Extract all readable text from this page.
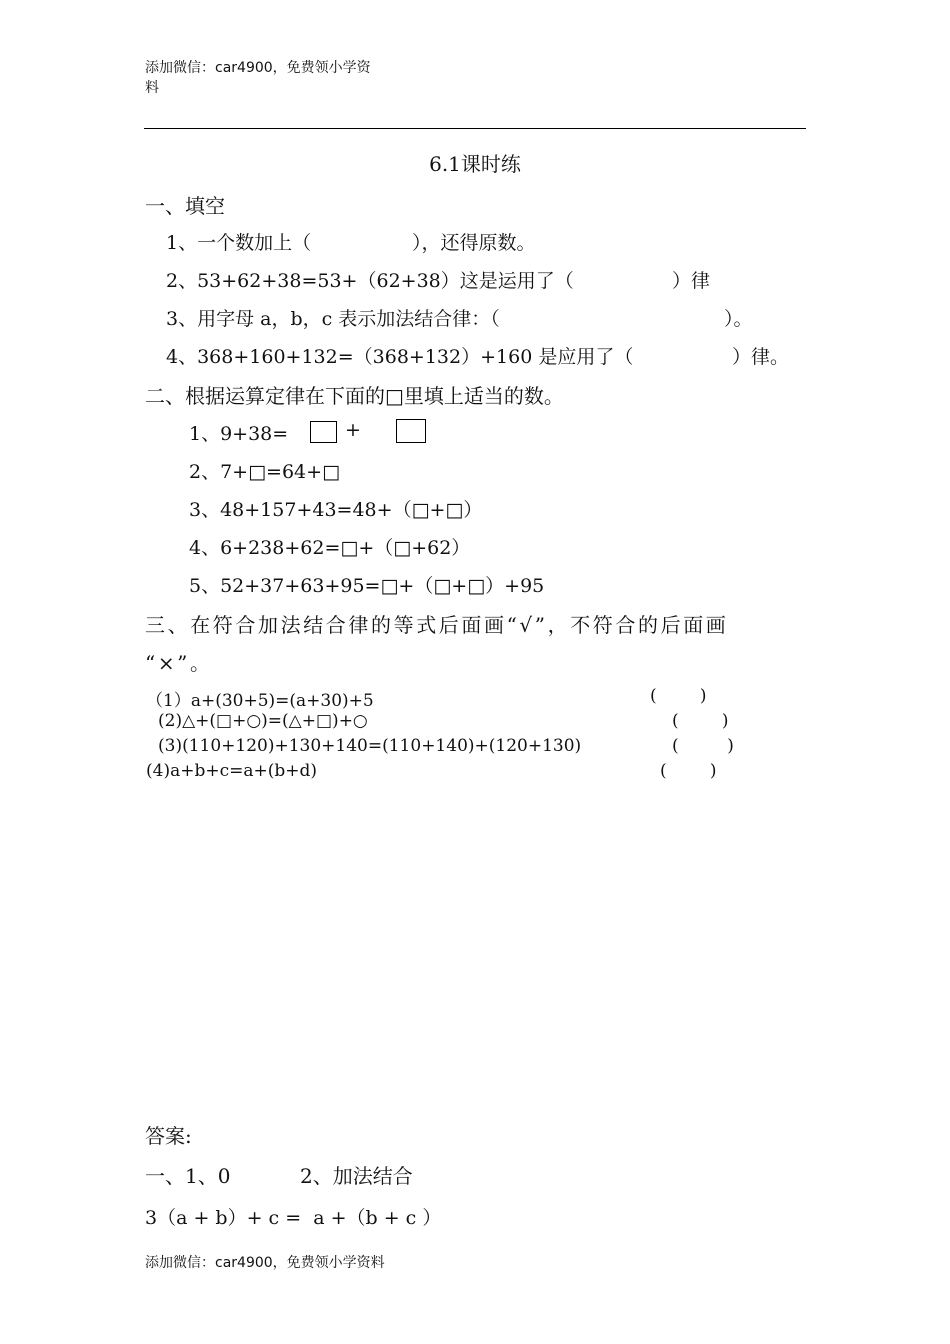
添加微信：car4900，免费领小学资
料
6.1课时练
一、填空
1、一个数加上（	），还得原数。
2、53+62+38=53+（62+38）这是运用了（	）律
3、用字母 a，b，c 表示加法结合律：（	）。
4、368+160+132=（368+132）+160 是应用了（	）律。
二、根据运算定律在下面的□里填上适当的数。
1、9+38=	+
2、7+□=64+□
3、48+157+43=48+（□+□）
4、6+238+62=□+（□+62）
5、52+37+63+95=□+（□+□）+95
三、在符合加法结合律的等式后面画“√”，不符合的后面画
“×”。
（1）a+(30+5)=(a+30)+5	(        )
(2)△+(□+○)=(△+□)+○	(        )
(3)(110+120)+130+140=(110+140)+(120+130)	(         )
(4)a+b+c=a+(b+d)	(        )
答案:
一、1、0	2、加法结合
3（a + b）+ c =  a +（b + c ）
添加微信：car4900，免费领小学资料
